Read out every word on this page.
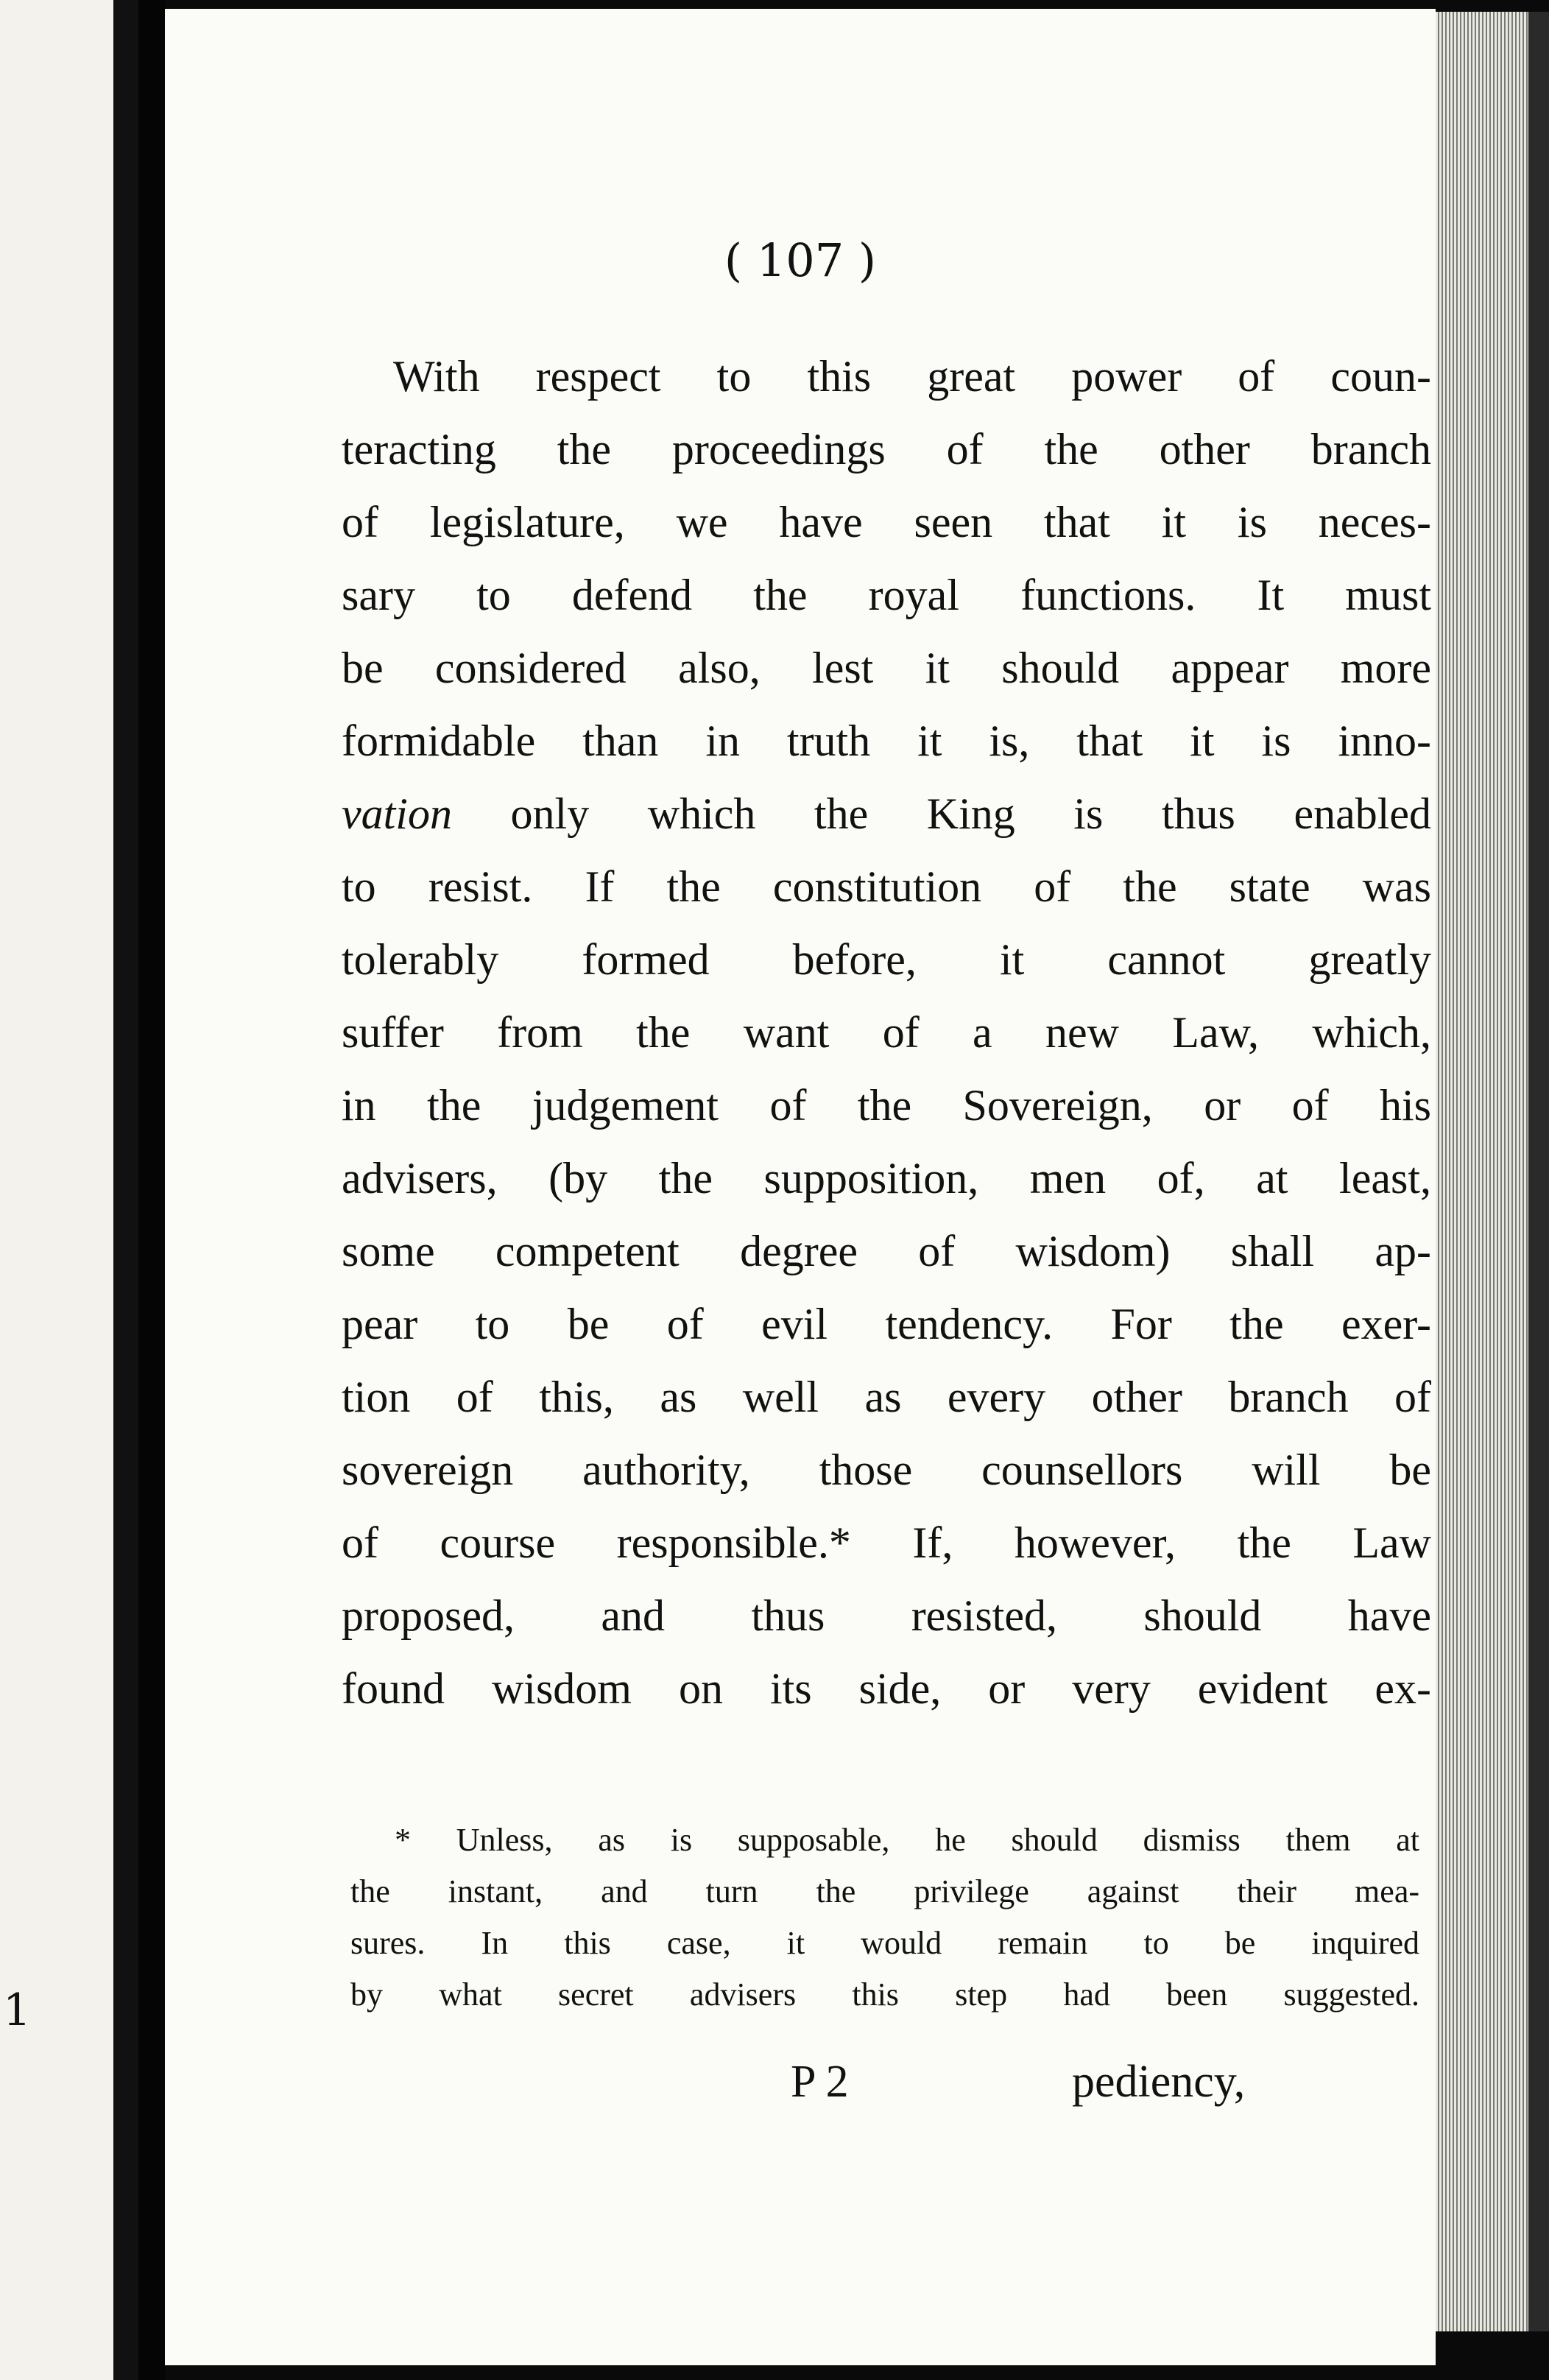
1
( 107 )
With respect to this great power of coun-
teracting the proceedings of the other branch
of legislature, we have seen that it is neces-
sary to defend the royal functions. It must
be considered also, lest it should appear more
formidable than in truth it is, that it is inno-
vation only which the King is thus enabled
to resist. If the constitution of the state was
tolerably formed before, it cannot greatly
suffer from the want of a new Law, which,
in the judgement of the Sovereign, or of his
advisers, (by the supposition, men of, at least,
some competent degree of wisdom) shall ap-
pear to be of evil tendency. For the exer-
tion of this, as well as every other branch of
sovereign authority, those counsellors will be
of course responsible.* If, however, the Law
proposed, and thus resisted, should have
found wisdom on its side, or very evident ex-
* Unless, as is supposable, he should dismiss them at
the instant, and turn the privilege against their mea-
sures. In this case, it would remain to be inquired
by what secret advisers this step had been suggested.
P 2	pediency,
